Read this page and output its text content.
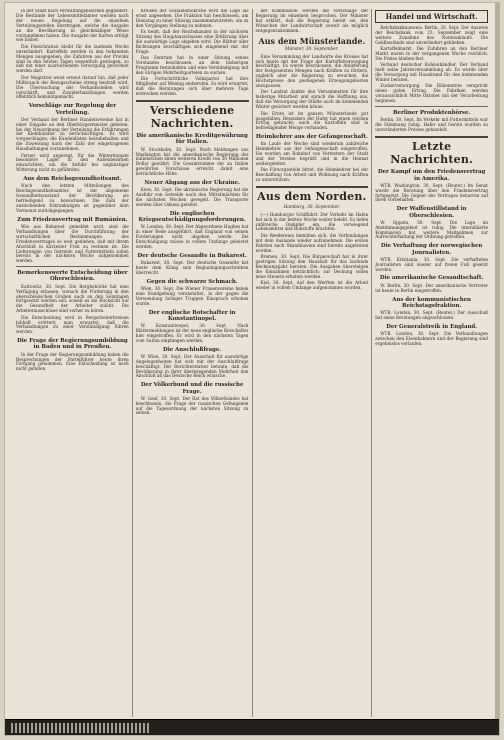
in der Stadt nach Verwaltungsbezirken gegliedert. Die Bestände der Lebensmittelämter werden nach der neuen Regelung auf die einzelnen Verteilungsstellen übertragen, welche die Ausgabe an die Bevölkerung in gleichmäßiger Weise vorzunehmen haben. Die Ausgabe der Karten erfolgt wie bisher.

Die Fleischration bleibt für die laufende Woche unverändert. Kartoffeln werden in den bekannten Mengen ausgegeben; die Zufuhren aus der Provinz sind in den letzten Tagen wesentlich gestiegen, so daß mit einer ausreichenden Versorgung gerechnet werden darf.

Der Magistrat weist erneut darauf hin, daß jeder Mißbrauch der Bezugsscheine streng bestraft wird. Die Überwachung der Verkaufsstellen wird verschärft, und Zuwiderhandlungen werden öffentlich bekanntgemacht.

Vorschläge zur Regelung der Verteilung.

Der Verband der Berliner Handelsvereine hat in einer Eingabe an den Oberbürgermeister gebeten, bei der Neuordnung der Verteilung die Erfahrungen der Kleinhändler zu berücksichtigen. Es wird vorgeschlagen, die Kundenlisten beizubehalten und die Zuweisung nach der Zahl der eingetragenen Haushaltungen vorzunehmen.

Ferner wird angeregt, für die Wintermonate besondere Lager in den Außenbezirken einzurichten, um die Anfuhr bei ungünstiger Witterung nicht zu gefährden.

Aus dem Reichsgesundheitsamt.

Nach den letzten Mitteilungen des Reichsgesundheitsamtes ist der allgemeine Gesundheitszustand der Bevölkerung als befriedigend zu bezeichnen. Die Zahl der ansteckenden Erkrankungen ist gegenüber dem Vormonat zurückgegangen.

Zum Friedensvertrag mit Rumänien.

Wie aus Bukarest gemeldet wird, sind die Verhandlungen über die Durchführung der wirtschaftlichen Bestimmungen des Friedensvertrages so weit gediehen, daß mit ihrem Abschluß in kürzester Frist zu rechnen ist. Die Lieferungen von Getreide und Futtermitteln sollen bereits in der nächsten Woche aufgenommen werden.

Bemerkenswerte Entscheidung über Oberschlesien.

Kattowitz, 30. Sept. Die Bergbehörde hat eine Verfügung erlassen, wonach die Förderung in den oberschlesischen Gruben auch an den Sonntagen fortgesetzt werden soll, soweit es die Rücksicht auf die Gesundheit der Arbeiter zuläßt. Die Arbeiterausschüsse sind vorher zu hören.

Die Entscheidung wird in Bergarbeiterkreisen lebhaft erörtert; man erwartet, daß die Verhandlungen zu einer Verständigung führen werden.

Die Frage der Regierungsumbildung in Baden und in Preußen.

In der Frage der Regierungsumbildung haben die Besprechungen der Parteiführer heute ihren Fortgang genommen. Eine Entscheidung ist noch nicht gefallen.

Kreisen der Sozialdemokratie wird die Lage als ernst angesehen. Die Fraktion hat beschlossen, am Dienstag zu einer Sitzung zusammenzutreten, um zu den Vorgängen Stellung zu nehmen.

Es heißt, daß der Reichskanzler in der nächsten Sitzung des Hauptausschusses eine Erklärung über die auswärtige Lage abgeben wird. Die Blätter aller Richtungen beschäftigen sich eingehend mit der Frage.

Das Zentrum hat in einer Sitzung seines Vorstandes beschlossen, an dem bisherigen Programm festzuhalten und eine Verständigung mit den übrigen Mehrheitsparteien zu suchen.

Die Fortschrittliche Volkspartei hat ihre Mitglieder auf Montag einberufen. Es wird erwartet, daß die Beratungen sich über mehrere Tage erstrecken werden.

Verschiedene Nachrichten.
Die amerikanische Kreditgewährung für Italien.

W. Stockholm, 30. Sept. Nach Meldungen aus Washington hat die amerikanische Regierung der italienischen einen weiteren Kredit von 50 Millionen Dollar gewährt. Die Gesamtsumme der an Italien gewährten Vorschüsse erreicht damit eine beträchtliche Höhe.

Neuer Abgang aus der Ukraine.

Kiew, 30. Sept. Die ukrainische Regierung hat die Ausfuhr von Getreide nach den Mittelmächten für die nächsten Wochen geregelt. Die Transporte werden über Odessa geleitet.

Die englischen Kriegsentschädigungsforderungen.

W. London, 30. Sept. Der Abgeordnete Hughes hat in einer Rede ausgeführt, daß England von seinen Forderungen nicht abgehen werde. Die Entschädigung müsse in vollem Umfange geleistet werden.

Der deutsche Gesandte in Bukarest.

Bukarest, 30. Sept. Der deutsche Gesandte hat heute dem König sein Beglaubigungsschreiben überreicht.

Gegen die schwarze Schmach.

Wien, 30. Sept. Die Wiener Frauenvereine haben eine Kundgebung veranstaltet, in der gegen die Verwendung farbiger Truppen Einspruch erhoben wurde.

Der englische Botschafter in Konstantinopel.

W. Konstantinopel, 30. Sept. Nach Blättermeldungen ist der neue englische Botschafter hier eingetroffen. Er wird in den nächsten Tagen vom Sultan empfangen werden.

Die Anschlußfrage.

W. Wien, 30. Sept. Der Ausschuß für auswärtige Angelegenheiten hat sich mit der Anschlußfrage beschäftigt. Der Berichterstatter betonte, daß die Bevölkerung in ihrer überwiegenden Mehrheit den Anschluß an das Deutsche Reich wünsche.

Der Völkerbund und die russische Frage.

W. Genf, 30. Sept. Der Rat des Völkerbundes hat beschlossen, die Frage der russischen Gefangenen auf die Tagesordnung der nächsten Sitzung zu setzen.

der Kommission werden die Vorschläge der Regierung im einzelnen besprochen. Der Minister hat erklärt, daß die Regierung bereit sei, den Wünschen der Landwirtschaft soweit als möglich entgegenzukommen.

Aus dem Münsterlande.
Münster, 30. September.

Eine Versammlung der Landwirte des Kreises hat sich heute mit der Frage der Kartoffelversorgung beschäftigt. Es wurde beschlossen, die Ablieferung der festgesetzten Mengen nach Kräften zu fördern, zugleich aber die Regierung zu ersuchen, die Höchstpreise den gestiegenen Erzeugungskosten anzupassen.

Der Landrat dankte den Versammelten für ihre bisherige Mitarbeit und sprach die Hoffnung aus, daß die Versorgung der Städte auch im kommenden Winter gesichert werden könne.

Die Ernte ist im ganzen Münsterlande gut ausgefallen. Besonders der Hafer hat einen reichen Ertrag gebracht; auch die Kartoffeln sind in befriedigender Menge vorhanden.

Heimkehrer aus der Gefangenschaft.

Im Laufe der Woche sind wiederum zahlreiche Heimkehrer aus der Gefangenschaft eingetroffen. Sie wurden am Bahnhof von Vertretern der Stadt und der Vereine begrüßt und in die Heimat weitergeleitet.

Die Fürsorgestelle bittet, die Heimkehrer bei der Beschaffung von Arbeit und Wohnung nach Kräften zu unterstützen.

Aus dem Norden.
Hamburg, 30. September.

(—) Hamburger Schiffahrt. Der Verkehr im Hafen hat sich in der letzten Woche weiter belebt. Es liefen zahlreiche Dampfer ein, die vorwiegend Lebensmittel und Rohstoffe brachten.

Die Reedereien bemühen sich, die Verbindungen mit dem Auslande wieder aufzunehmen. Die ersten Fahrten nach Skandinavien sind bereits angetreten worden.

Bremen, 30. Sept. Die Bürgerschaft hat in ihrer gestrigen Sitzung den Haushalt für das laufende Rechnungsjahr beraten. Die Ausgaben übersteigen die Einnahmen beträchtlich; zur Deckung sollen neue Steuern erhoben werden.

Kiel, 30. Sept. Auf den Werften ist die Arbeit wieder in vollem Umfange aufgenommen worden.

Handel und Wirtschaft.

Reichsbankausweis. Berlin, 30. Sept. Der Ausweis der Reichsbank vom 23. September zeigt eine weitere Zunahme des Notenumlaufs. Die Goldbestände sind unverändert geblieben.

Kartoffelmarkt. Die Zufuhren an den Berliner Markt waren in der vergangenen Woche reichlich. Die Preise blieben fest.

Verband deutscher Kohlenhändler. Der Verband hielt seine Jahresversammlung ab. Es wurde über die Versorgung mit Hausbrand für den kommenden Winter beraten.

Zuckerversorgung. Die Rübenernte verspricht einen guten Ertrag. Die Fabriken werden voraussichtlich Mitte Oktober mit der Verarbeitung beginnen.

Berliner Produktenbörse.

Berlin, 30. Sept. Im Verkehr mit Futtermitteln war die Stimmung ruhig. Hafer und Gerste wurden zu unveränderten Preisen gehandelt.

Letzte Nachrichten.
Der Kampf um den Friedensvertrag in Amerika.

WTB. Washington, 30. Sept. (Reuter.) Im Senat wurde die Beratung über den Friedensvertrag fortgesetzt. Die Gegner des Vertrages beharren auf ihren Vorbehalten.

Der Waffenstillstand in Oberschlesien.

W. Oppeln, 30. Sept. Die Lage im Abstimmungsgebiet ist ruhig. Die interalliierte Kommission hat weitere Maßnahmen zur Aufrechterhaltung der Ordnung getroffen.

Die Verhaftung der norwegischen Journalisten.

WTB. Kristiania, 30. Sept. Die verhafteten Journalisten sind wieder auf freien Fuß gesetzt worden.

Die amerikanische Gesandtschaft.

W. Berlin, 30. Sept. Der amerikanische Vertreter ist heute in Berlin eingetroffen.

Aus der kommunistischen Reichstagsfraktion.

WTB. London, 30. Sept. (Reuter.) Der Ausschuß hat seine Beratungen abgeschlossen.

Der Generalstreik in England.

WTB. London, 30. Sept. Die Verhandlungen zwischen den Eisenbahnern und der Regierung sind ergebnislos verlaufen.
